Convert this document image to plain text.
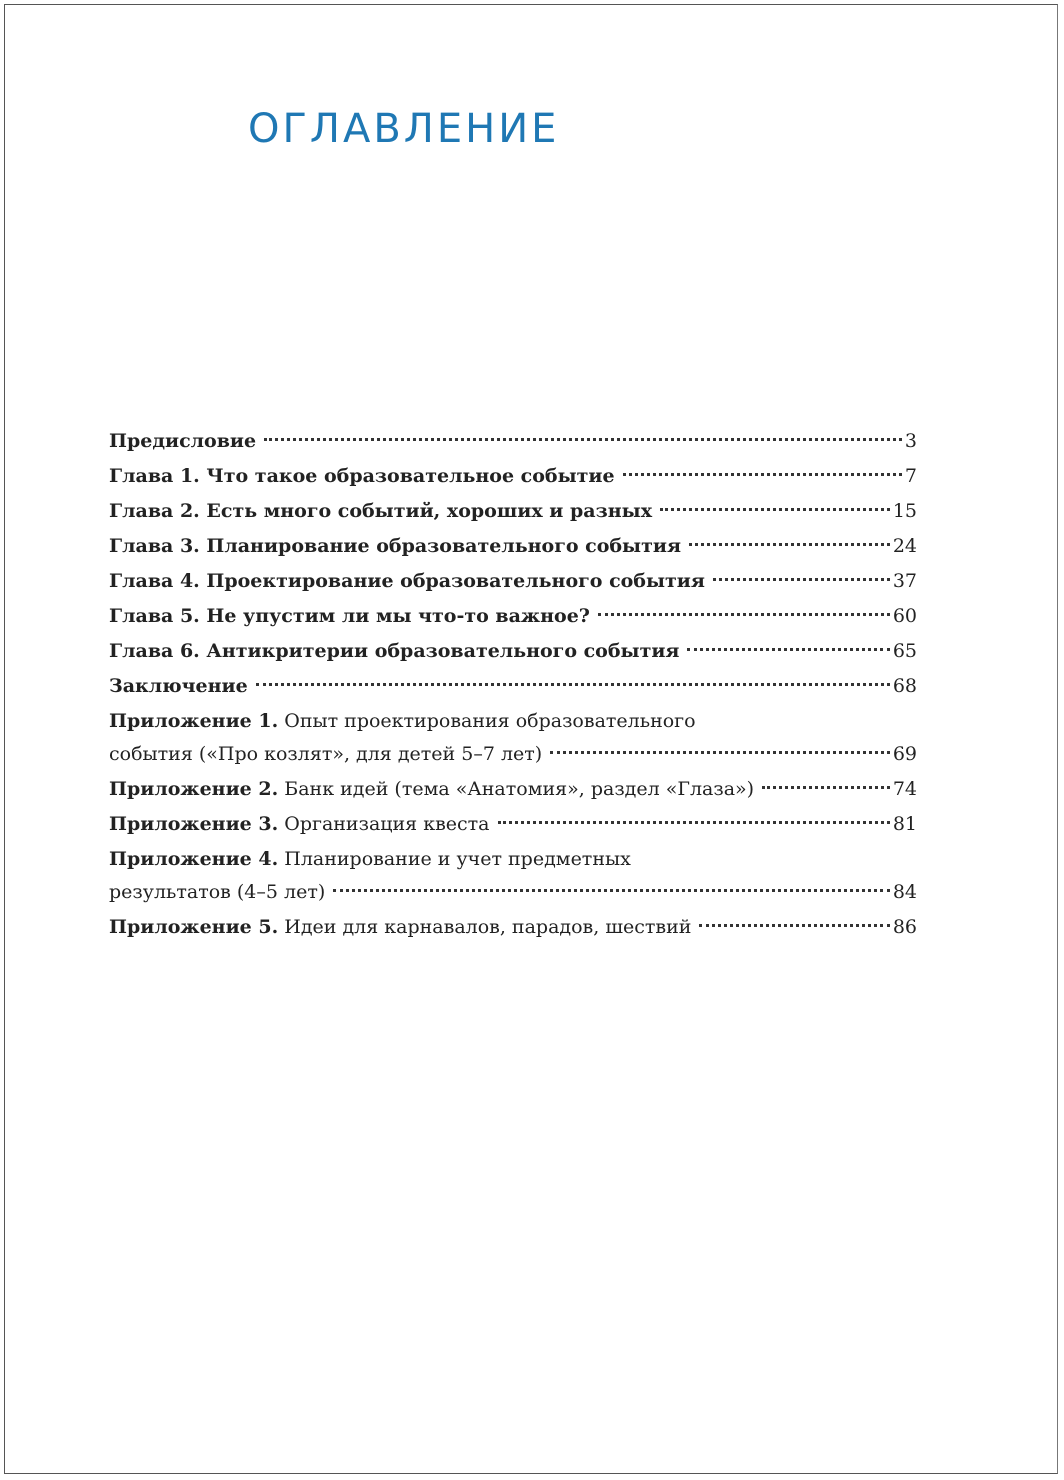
ОГЛАВЛЕНИЕ
Предисловие	3
Глава 1. Что такое образовательное событие	7
Глава 2. Есть много событий, хороших и разных	15
Глава 3. Планирование образовательного события	24
Глава 4. Проектирование образовательного события	37
Глава 5. Не упустим ли мы что-то важное?	60
Глава 6. Антикритерии образовательного события	65
Заключение	68
Приложение 1. Опыт проектирования образовательного
события («Про козлят», для детей 5–7 лет)	69
Приложение 2. Банк идей (тема «Анатомия», раздел «Глаза»)	74
Приложение 3. Организация квеста	81
Приложение 4. Планирование и учет предметных
результатов (4–5 лет)	84
Приложение 5. Идеи для карнавалов, парадов, шествий	86
